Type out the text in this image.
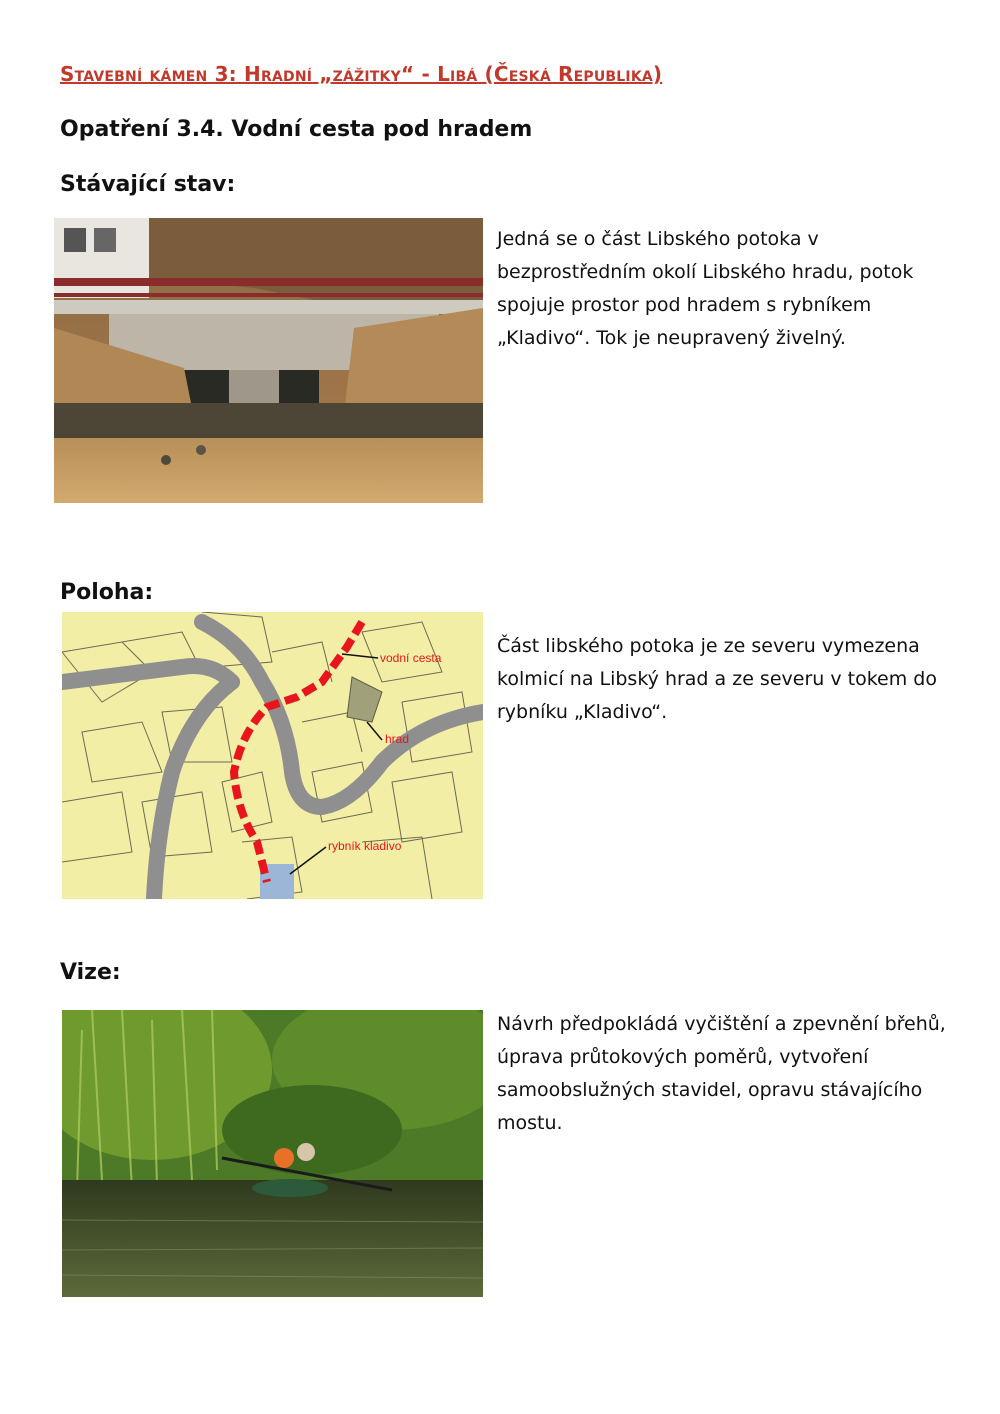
Stavební kámen 3: Hradní „zážitky“ - Libá (Česká Republika)
Opatření 3.4. Vodní cesta pod hradem
Stávající stav:
Jedná se o část Libského potoka v bezprostředním okolí Libského hradu, potok spojuje prostor pod hradem s rybníkem „Kladivo“. Tok je neupravený živelný.
Poloha:
vodní cesta
hrad
rybník kladivo
Část libského potoka je ze severu vymezena kolmicí na Libský hrad a ze severu v tokem do rybníku „Kladivo“.
Vize:
Návrh předpokládá vyčištění a zpevnění břehů, úprava průtokových poměrů, vytvoření samoobslužných stavidel, opravu stávajícího mostu.
